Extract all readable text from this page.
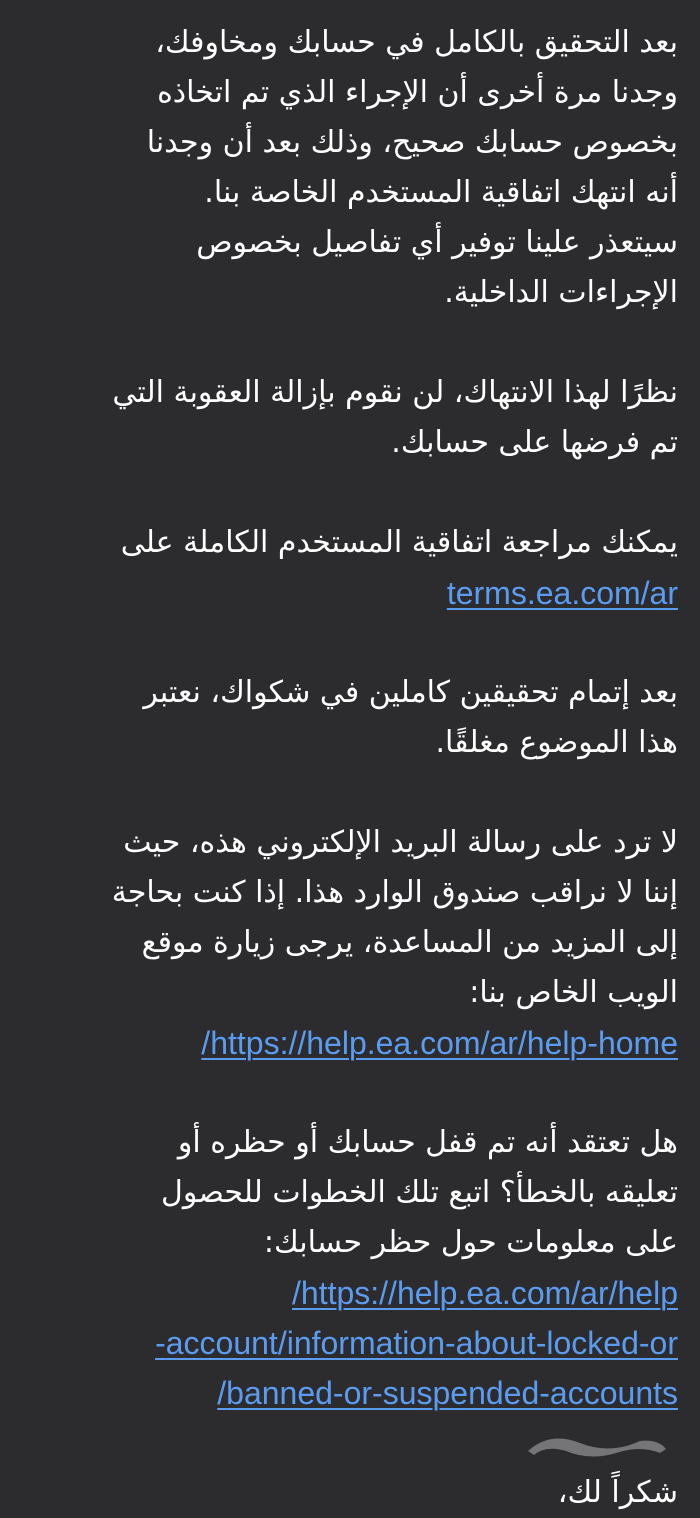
بعد التحقيق بالكامل في حسابك ومخاوفك،
وجدنا مرة أخرى أن الإجراء الذي تم اتخاذه
بخصوص حسابك صحيح، وذلك بعد أن وجدنا
أنه انتهك اتفاقية المستخدم الخاصة بنا.
سيتعذر علينا توفير أي تفاصيل بخصوص
الإجراءات الداخلية.

نظرًا لهذا الانتهاك، لن نقوم بإزالة العقوبة التي
تم فرضها على حسابك.

يمكنك مراجعة اتفاقية المستخدم الكاملة على
terms.ea.com/ar

بعد إتمام تحقيقين كاملين في شكواك، نعتبر
هذا الموضوع مغلقًا.

لا ترد على رسالة البريد الإلكتروني هذه، حيث
إننا لا نراقب صندوق الوارد هذا. إذا كنت بحاجة
إلى المزيد من المساعدة، يرجى زيارة موقع
الويب الخاص بنا:
https://help.ea.com/ar/help-home/

هل تعتقد أنه تم قفل حسابك أو حظره أو
تعليقه بالخطأ؟ اتبع تلك الخطوات للحصول
على معلومات حول حظر حسابك:
https://help.ea.com/ar/help/
account/information-about-locked-or-
banned-or-suspended-accounts/

شكراً لك،
